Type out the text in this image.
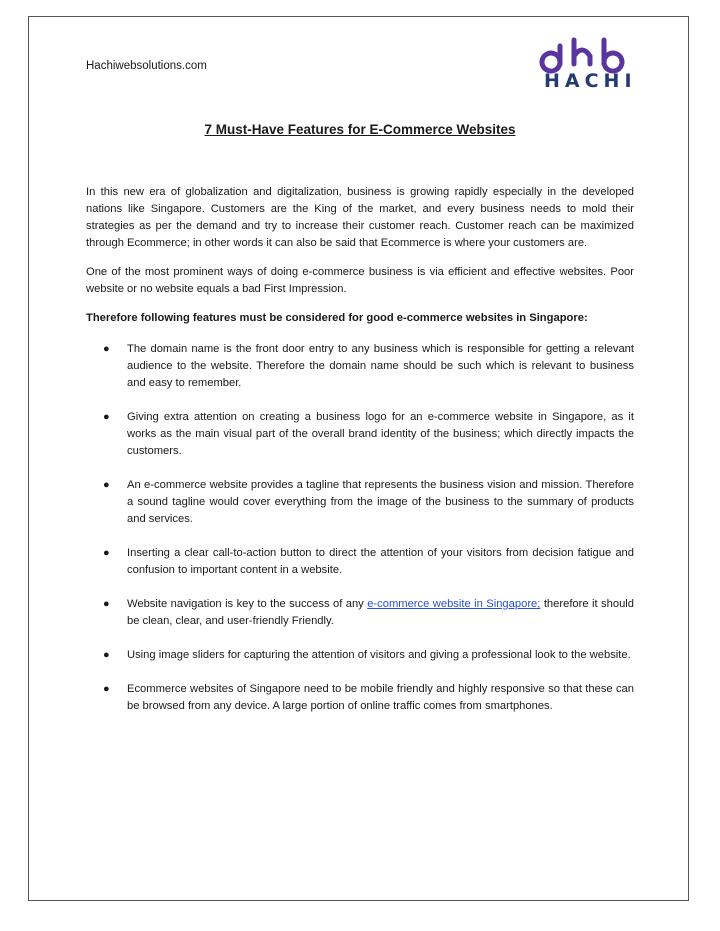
Hachiwebsolutions.com
HACHI
7 Must-Have Features for E-Commerce Websites

In this new era of globalization and digitalization, business is growing rapidly especially in the developed nations like Singapore. Customers are the King of the market, and every business needs to mold their strategies as per the demand and try to increase their customer reach. Customer reach can be maximized through Ecommerce; in other words it can also be said that Ecommerce is where your customers are.

One of the most prominent ways of doing e-commerce business is via efficient and effective websites. Poor website or no website equals a bad First Impression.

Therefore following features must be considered for good e-commerce websites in Singapore:

● The domain name is the front door entry to any business which is responsible for getting a relevant audience to the website. Therefore the domain name should be such which is relevant to business and easy to remember.
● Giving extra attention on creating a business logo for an e-commerce website in Singapore, as it works as the main visual part of the overall brand identity of the business; which directly impacts the customers.
● An e-commerce website provides a tagline that represents the business vision and mission. Therefore a sound tagline would cover everything from the image of the business to the summary of products and services.
● Inserting a clear call-to-action button to direct the attention of your visitors from decision fatigue and confusion to important content in a website.
● Website navigation is key to the success of any e-commerce website in Singapore; therefore it should be clean, clear, and user-friendly Friendly.
● Using image sliders for capturing the attention of visitors and giving a professional look to the website.
● Ecommerce websites of Singapore need to be mobile friendly and highly responsive so that these can be browsed from any device. A large portion of online traffic comes from smartphones.
